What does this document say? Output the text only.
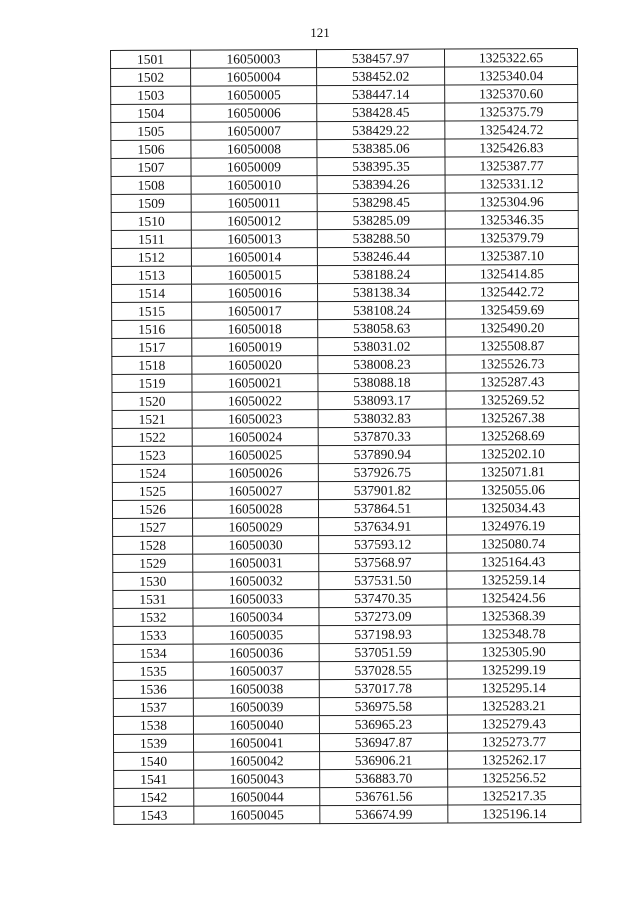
121
1501	16050003	538457.97	1325322.65
1502	16050004	538452.02	1325340.04
1503	16050005	538447.14	1325370.60
1504	16050006	538428.45	1325375.79
1505	16050007	538429.22	1325424.72
1506	16050008	538385.06	1325426.83
1507	16050009	538395.35	1325387.77
1508	16050010	538394.26	1325331.12
1509	16050011	538298.45	1325304.96
1510	16050012	538285.09	1325346.35
1511	16050013	538288.50	1325379.79
1512	16050014	538246.44	1325387.10
1513	16050015	538188.24	1325414.85
1514	16050016	538138.34	1325442.72
1515	16050017	538108.24	1325459.69
1516	16050018	538058.63	1325490.20
1517	16050019	538031.02	1325508.87
1518	16050020	538008.23	1325526.73
1519	16050021	538088.18	1325287.43
1520	16050022	538093.17	1325269.52
1521	16050023	538032.83	1325267.38
1522	16050024	537870.33	1325268.69
1523	16050025	537890.94	1325202.10
1524	16050026	537926.75	1325071.81
1525	16050027	537901.82	1325055.06
1526	16050028	537864.51	1325034.43
1527	16050029	537634.91	1324976.19
1528	16050030	537593.12	1325080.74
1529	16050031	537568.97	1325164.43
1530	16050032	537531.50	1325259.14
1531	16050033	537470.35	1325424.56
1532	16050034	537273.09	1325368.39
1533	16050035	537198.93	1325348.78
1534	16050036	537051.59	1325305.90
1535	16050037	537028.55	1325299.19
1536	16050038	537017.78	1325295.14
1537	16050039	536975.58	1325283.21
1538	16050040	536965.23	1325279.43
1539	16050041	536947.87	1325273.77
1540	16050042	536906.21	1325262.17
1541	16050043	536883.70	1325256.52
1542	16050044	536761.56	1325217.35
1543	16050045	536674.99	1325196.14
